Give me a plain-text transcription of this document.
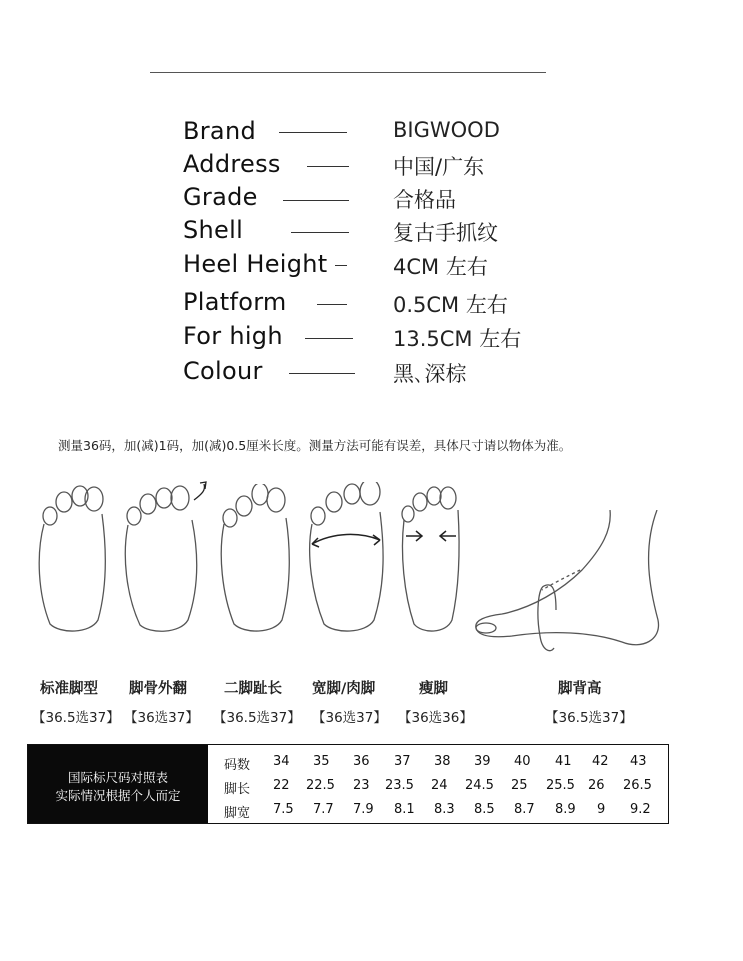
Brand	BIGWOOD
Address	中国/广东
Grade	合格品
Shell	复古手抓纹
Heel Height	4CM 左右
Platform	0.5CM 左右
For high	13.5CM 左右
Colour	黑､深棕
测量36码，加(减)1码，加(减)0.5厘米长度。测量方法可能有误差，具体尺寸请以物体为准。
标准脚型
【36.5选37】
脚骨外翻
【36选37】
二脚趾长
【36.5选37】
宽脚/肉脚
【36选37】
瘦脚
【36选36】
脚背高
【36.5选37】
国际标尺码对照表
实际情况根据个人而定
码数 34 35 36 37 38 39 40 41 42 43
脚长 22 22.5 23 23.5 24 24.5 25 25.5 26 26.5
脚宽 7.5 7.7 7.9 8.1 8.3 8.5 8.7 8.9 9 9.2
